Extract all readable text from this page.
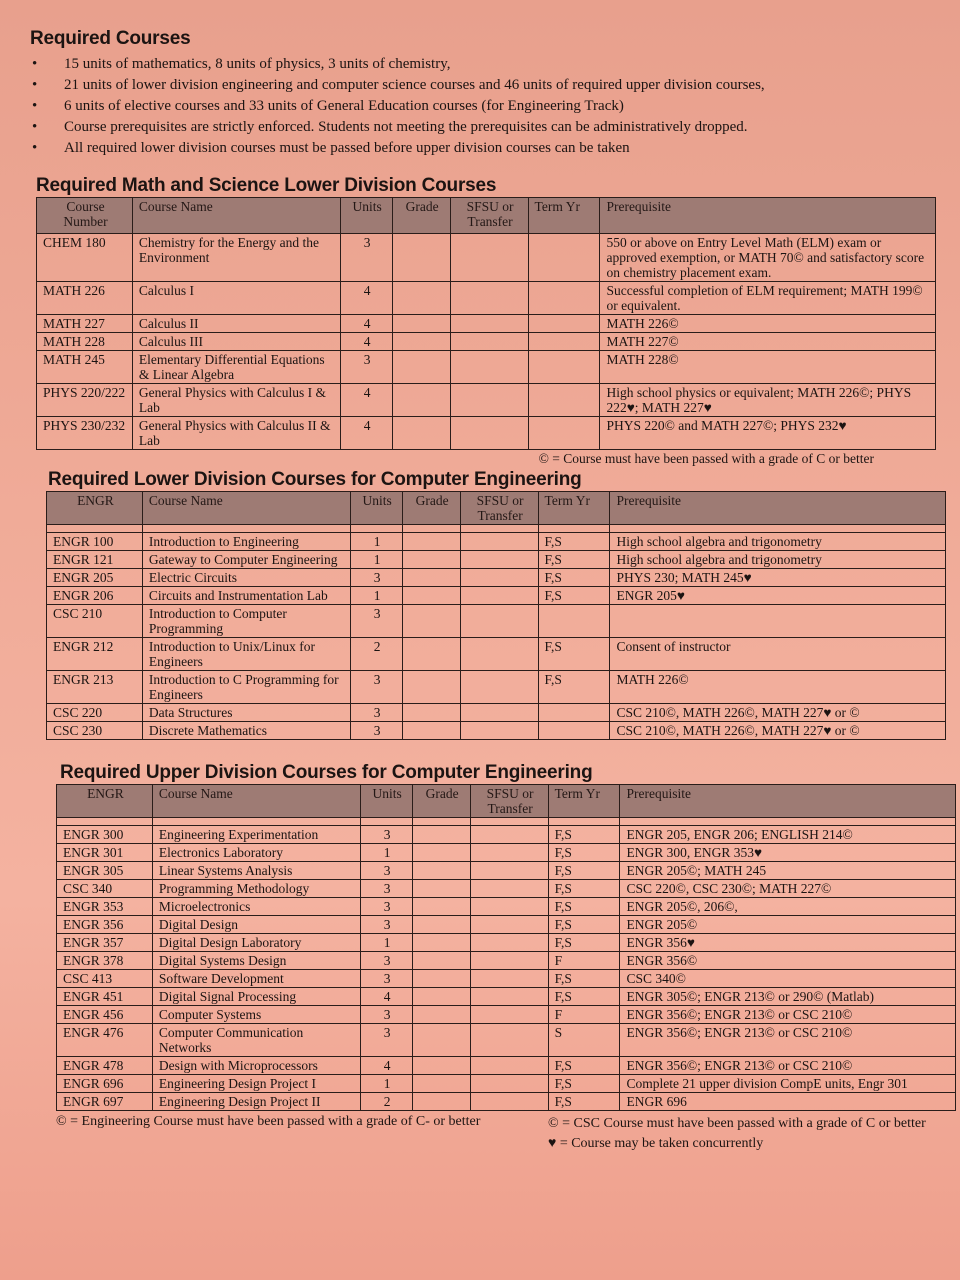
Required Courses
• 15 units of mathematics, 8 units of physics, 3 units of chemistry,
• 21 units of lower division engineering and computer science courses and 46 units of required upper division courses,
• 6 units of elective courses and 33 units of General Education courses (for Engineering Track)
• Course prerequisites are strictly enforced. Students not meeting the prerequisites can be administratively dropped.
• All required lower division courses must be passed before upper division courses can be taken
Required Math and Science Lower Division Courses
Course Number	Course Name	Units	Grade	SFSU or Transfer	Term Yr	Prerequisite
CHEM 180	Chemistry for the Energy and the Environment	3				550 or above on Entry Level Math (ELM) exam or approved exemption, or MATH 70© and satisfactory score on chemistry placement exam.
MATH 226	Calculus I	4				Successful completion of ELM requirement; MATH 199© or equivalent.
MATH 227	Calculus II	4				MATH 226©
MATH 228	Calculus III	4				MATH 227©
MATH 245	Elementary Differential Equations & Linear Algebra	3				MATH 228©
PHYS 220/222	General Physics with Calculus I & Lab	4				High school physics or equivalent; MATH 226©; PHYS 222♥; MATH 227♥
PHYS 230/232	General Physics with Calculus II & Lab	4				PHYS 220© and MATH 227©; PHYS 232♥
© = Course must have been passed with a grade of C or better
Required Lower Division Courses for Computer Engineering
ENGR	Course Name	Units	Grade	SFSU or Transfer	Term Yr	Prerequisite

ENGR 100	Introduction to Engineering	1			F,S	High school algebra and trigonometry
ENGR 121	Gateway to Computer Engineering	1			F,S	High school algebra and trigonometry
ENGR 205	Electric Circuits	3			F,S	PHYS 230; MATH 245♥
ENGR 206	Circuits and Instrumentation Lab	1			F,S	ENGR 205♥
CSC 210	Introduction to Computer Programming	3				
ENGR 212	Introduction to Unix/Linux for Engineers	2			F,S	Consent of instructor
ENGR 213	Introduction to C Programming for Engineers	3			F,S	MATH 226©
CSC 220	Data Structures	3				CSC 210©, MATH 226©, MATH 227♥ or ©
CSC 230	Discrete Mathematics	3				CSC 210©, MATH 226©, MATH 227♥ or ©
Required Upper Division Courses for Computer Engineering
ENGR	Course Name	Units	Grade	SFSU or Transfer	Term Yr	Prerequisite

ENGR 300	Engineering Experimentation	3			F,S	ENGR 205, ENGR 206; ENGLISH 214©
ENGR 301	Electronics Laboratory	1			F,S	ENGR 300, ENGR 353♥
ENGR 305	Linear Systems Analysis	3			F,S	ENGR 205©; MATH 245
CSC 340	Programming Methodology	3			F,S	CSC 220©, CSC 230©; MATH 227©
ENGR 353	Microelectronics	3			F,S	ENGR 205©, 206©,
ENGR 356	Digital Design	3			F,S	ENGR 205©
ENGR 357	Digital Design Laboratory	1			F,S	ENGR 356♥
ENGR 378	Digital Systems Design	3			F	ENGR 356©
CSC 413	Software Development	3			F,S	CSC 340©
ENGR 451	Digital Signal Processing	4			F,S	ENGR 305©; ENGR 213© or 290© (Matlab)
ENGR 456	Computer Systems	3			F	ENGR 356©; ENGR 213© or CSC 210©
ENGR 476	Computer Communication Networks	3			S	ENGR 356©; ENGR 213© or CSC 210©
ENGR 478	Design with Microprocessors	4			F,S	ENGR 356©; ENGR 213© or CSC 210©
ENGR 696	Engineering Design Project I	1			F,S	Complete 21 upper division CompE units, Engr 301
ENGR 697	Engineering Design Project II	2			F,S	ENGR 696
© = Engineering Course must have been passed with a grade of C- or better	© = CSC Course must have been passed with a grade of C or better
♥ = Course may be taken concurrently
